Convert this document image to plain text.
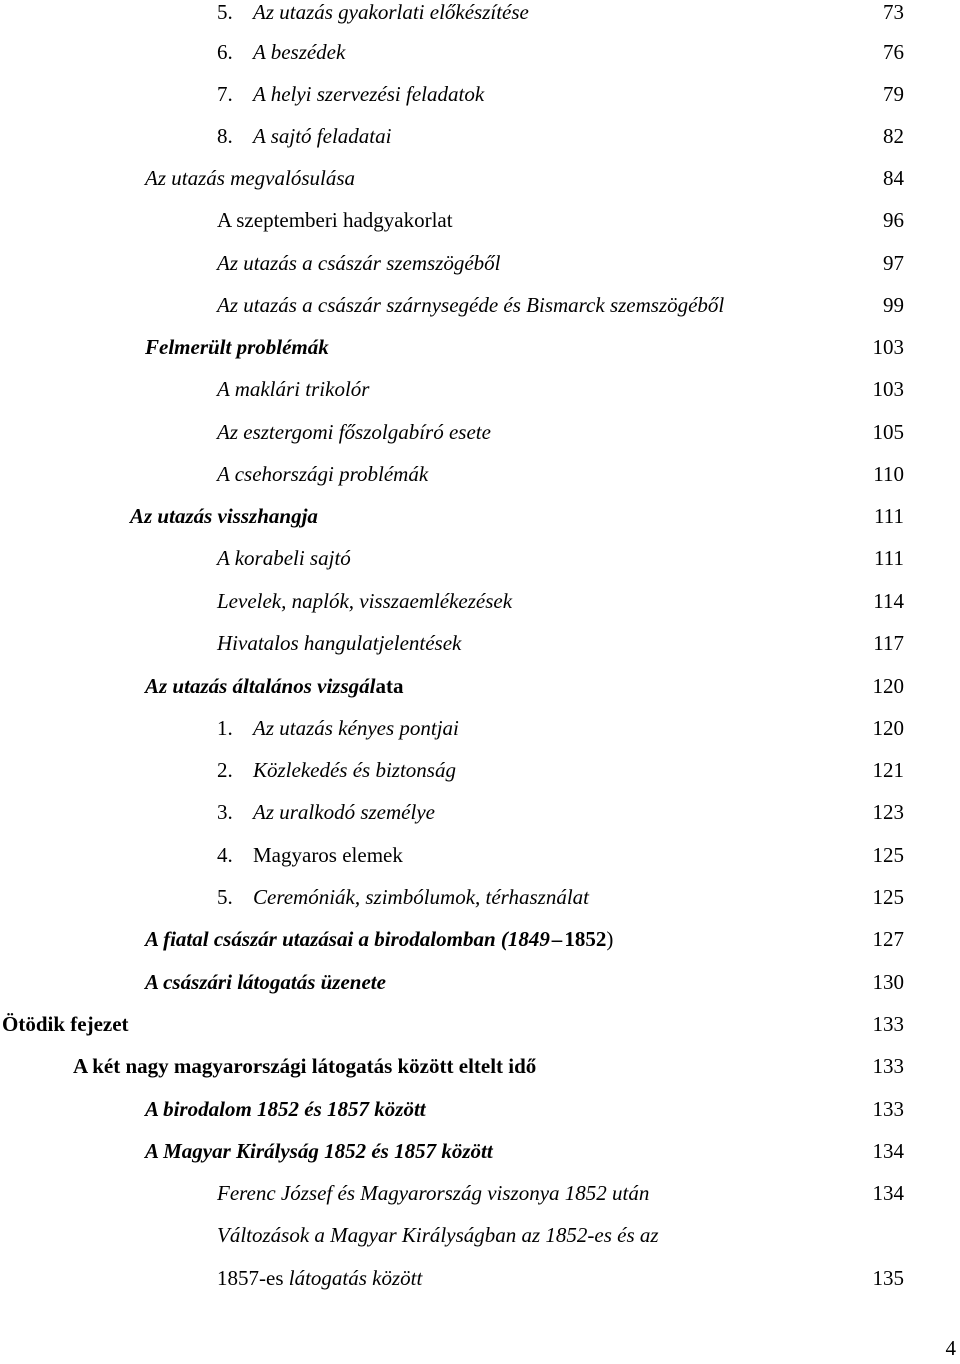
5. Az utazás gyakorlati előkészítése	73
6. A beszédek	76
7. A helyi szervezési feladatok	79
8. A sajtó feladatai	82
Az utazás megvalósulása	84
A szeptemberi hadgyakorlat	96
Az utazás a császár szemszögéből	97
Az utazás a császár szárnysegéde és Bismarck szemszögéből	99
Felmerült problémák	103
A maklári trikolór	103
Az esztergomi főszolgabíró esete	105
A csehországi problémák	110
Az utazás visszhangja	111
A korabeli sajtó	111
Levelek, naplók, visszaemlékezések	114
Hivatalos hangulatjelentések	117
Az utazás általános vizsgálata	120
1. Az utazás kényes pontjai	120
2. Közlekedés és biztonság	121
3. Az uralkodó személye	123
4. Magyaros elemek	125
5. Ceremóniák, szimbólumok, térhasználat	125
A fiatal császár utazásai a birodalomban (1849–1852)	127
A császári látogatás üzenete	130
Ötödik fejezet	133
A két nagy magyarországi látogatás között eltelt idő	133
A birodalom 1852 és 1857 között	133
A Magyar Királyság 1852 és 1857 között	134
Ferenc József és Magyarország viszonya 1852 után	134
Változások a Magyar Királyságban az 1852-es és az
1857-es látogatás között	135
4
